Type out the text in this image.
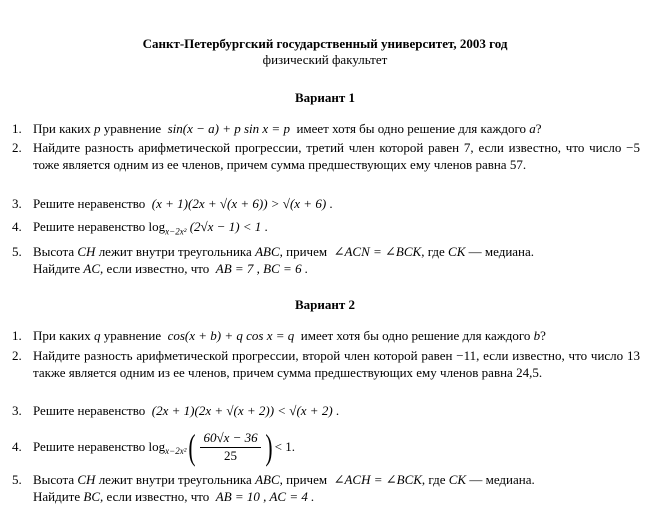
Санкт-Петербургский государственный университет, 2003 год
физический факультет
Вариант 1
1. При каких p уравнение sin(x − a) + p sin x = p имеет хотя бы одно решение для каждого a?
2. Найдите разность арифметической прогрессии, третий член которой равен 7, если известно, что число −5 тоже является одним из ее членов, причем сумма предшествующих ему членов равна 57.
3. Решите неравенство (x + 1)(2x + √(x + 6)) > √(x + 6) .
4. Решите неравенство $\log_{x-2x^2} (2√x - 1) < 1$ .
5. Высота CH лежит внутри треугольника ABC, причем ∠ACN = ∠BCK, где CK — медиана.
Найдите AC, если известно, что AB = 7 , BC = 6 .
Вариант 2
1. При каких q уравнение cos(x + b) + q cos x = q имеет хотя бы одно решение для каждого b?
2. Найдите разность арифметической прогрессии, второй член которой равен −11, если известно, что число 13 также является одним из ее членов, причем сумма предшествующих ему членов равна 24,5.
3. Решите неравенство (2x + 1)(2x + √(x + 2)) < √(x + 2) .
4. Решите неравенство
$\log_{x-2x^2}$ ( $\frac{60√x - 36}{25}$ ) < 1 .
5. Высота CH лежит внутри треугольника ABC, причем ∠ACH = ∠BCK, где CK — медиана.
Найдите BC, если известно, что AB = 10 , AC = 4 .
